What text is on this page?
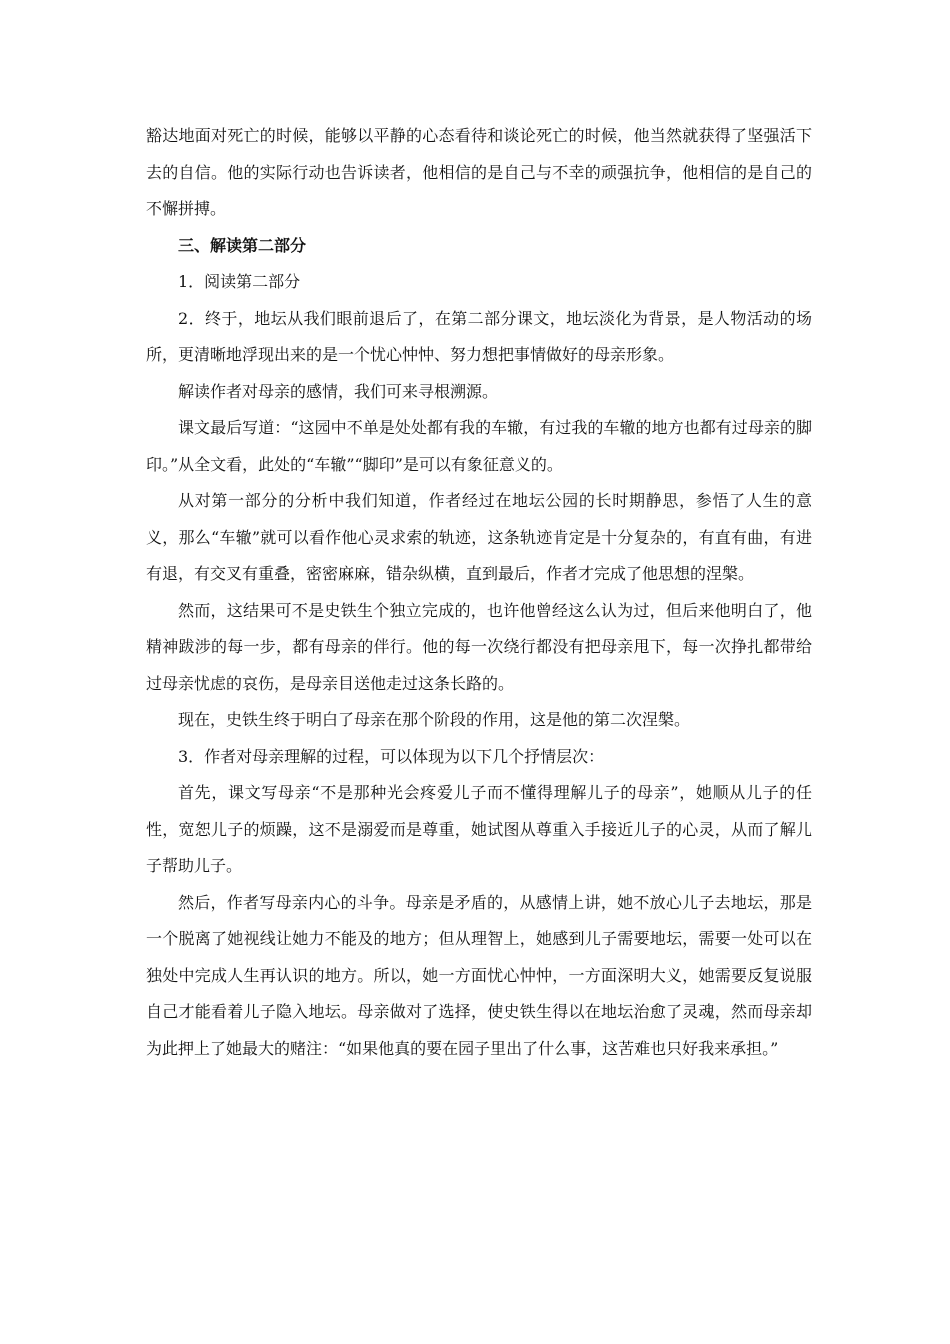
豁达地面对死亡的时候，能够以平静的心态看待和谈论死亡的时候，他当然就获得了坚强活下去的自信。他的实际行动也告诉读者，他相信的是自己与不幸的顽强抗争，他相信的是自己的不懈拼搏。

三、解读第二部分

1．阅读第二部分

2．终于，地坛从我们眼前退后了，在第二部分课文，地坛淡化为背景，是人物活动的场所，更清晰地浮现出来的是一个忧心忡忡、努力想把事情做好的母亲形象。

解读作者对母亲的感情，我们可来寻根溯源。

课文最后写道：“这园中不单是处处都有我的车辙，有过我的车辙的地方也都有过母亲的脚印。”从全文看，此处的“车辙”“脚印”是可以有象征意义的。

从对第一部分的分析中我们知道，作者经过在地坛公园的长时期静思，参悟了人生的意义，那么“车辙”就可以看作他心灵求索的轨迹，这条轨迹肯定是十分复杂的，有直有曲，有进有退，有交叉有重叠，密密麻麻，错杂纵横，直到最后，作者才完成了他思想的涅槃。

然而，这结果可不是史铁生个独立完成的，也许他曾经这么认为过，但后来他明白了，他精神跋涉的每一步，都有母亲的伴行。他的每一次绕行都没有把母亲甩下，每一次挣扎都带给过母亲忧虑的哀伤，是母亲目送他走过这条长路的。

现在，史铁生终于明白了母亲在那个阶段的作用，这是他的第二次涅槃。

3．作者对母亲理解的过程，可以体现为以下几个抒情层次：

首先，课文写母亲“不是那种光会疼爱儿子而不懂得理解儿子的母亲”，她顺从儿子的任性，宽恕儿子的烦躁，这不是溺爱而是尊重，她试图从尊重入手接近儿子的心灵，从而了解儿子帮助儿子。

然后，作者写母亲内心的斗争。母亲是矛盾的，从感情上讲，她不放心儿子去地坛，那是一个脱离了她视线让她力不能及的地方；但从理智上，她感到儿子需要地坛，需要一处可以在独处中完成人生再认识的地方。所以，她一方面忧心忡忡，一方面深明大义，她需要反复说服自己才能看着儿子隐入地坛。母亲做对了选择，使史铁生得以在地坛治愈了灵魂，然而母亲却为此押上了她最大的赌注：“如果他真的要在园子里出了什么事，这苦难也只好我来承担。”
